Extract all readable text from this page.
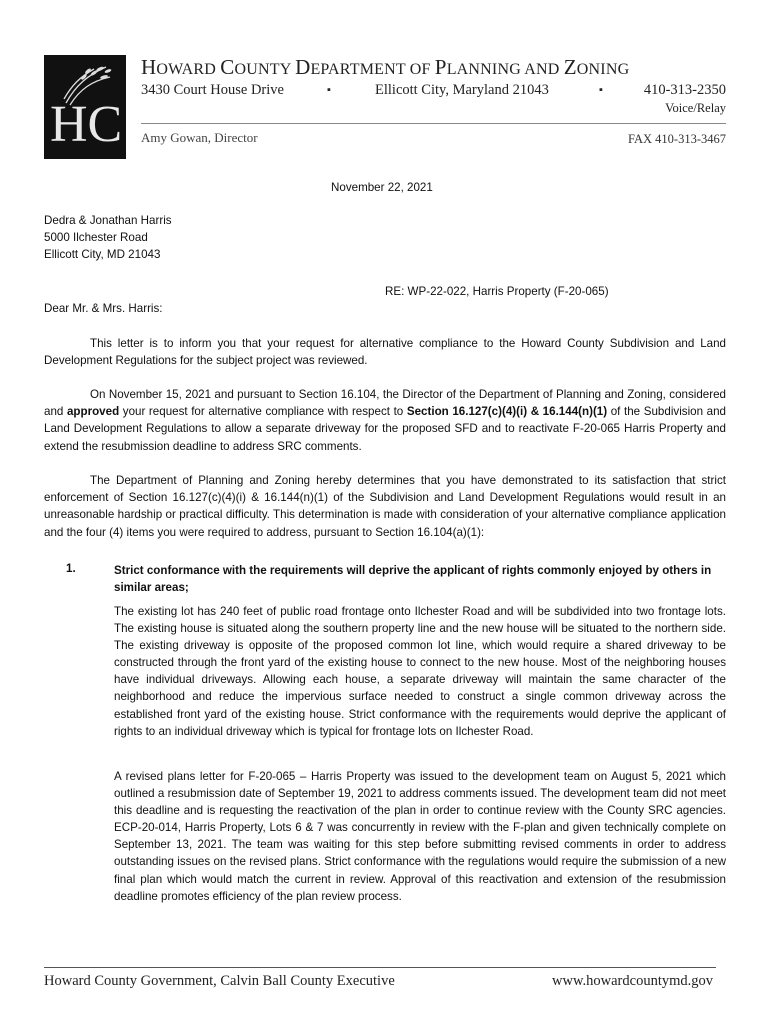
HC
HOWARD COUNTY DEPARTMENT OF PLANNING AND ZONING
3430 Court House Drive	▪	Ellicott City, Maryland 21043	▪	410-313-2350
Voice/Relay
Amy Gowan, Director	FAX 410-313-3467
November 22, 2021
Dedra & Jonathan Harris
5000 Ilchester Road
Ellicott City, MD 21043
RE: WP-22-022, Harris Property (F-20-065)
Dear Mr. & Mrs. Harris:
This letter is to inform you that your request for alternative compliance to the Howard County Subdivision and Land Development Regulations for the subject project was reviewed.
On November 15, 2021 and pursuant to Section 16.104, the Director of the Department of Planning and Zoning, considered and approved your request for alternative compliance with respect to Section 16.127(c)(4)(i) & 16.144(n)(1) of the Subdivision and Land Development Regulations to allow a separate driveway for the proposed SFD and to reactivate F-20-065 Harris Property and extend the resubmission deadline to address SRC comments.
The Department of Planning and Zoning hereby determines that you have demonstrated to its satisfaction that strict enforcement of Section 16.127(c)(4)(i) & 16.144(n)(1) of the Subdivision and Land Development Regulations would result in an unreasonable hardship or practical difficulty. This determination is made with consideration of your alternative compliance application and the four (4) items you were required to address, pursuant to Section 16.104(a)(1):
1.	Strict conformance with the requirements will deprive the applicant of rights commonly enjoyed by others in similar areas;
The existing lot has 240 feet of public road frontage onto Ilchester Road and will be subdivided into two frontage lots. The existing house is situated along the southern property line and the new house will be situated to the northern side. The existing driveway is opposite of the proposed common lot line, which would require a shared driveway to be constructed through the front yard of the existing house to connect to the new house. Most of the neighboring houses have individual driveways. Allowing each house, a separate driveway will maintain the same character of the neighborhood and reduce the impervious surface needed to construct a single common driveway across the established front yard of the existing house. Strict conformance with the requirements would deprive the applicant of rights to an individual driveway which is typical for frontage lots on Ilchester Road.
A revised plans letter for F-20-065 – Harris Property was issued to the development team on August 5, 2021 which outlined a resubmission date of September 19, 2021 to address comments issued. The development team did not meet this deadline and is requesting the reactivation of the plan in order to continue review with the County SRC agencies. ECP-20-014, Harris Property, Lots 6 & 7 was concurrently in review with the F-plan and given technically complete on September 13, 2021. The team was waiting for this step before submitting revised comments in order to address outstanding issues on the revised plans. Strict conformance with the regulations would require the submission of a new final plan which would match the current in review. Approval of this reactivation and extension of the resubmission deadline promotes efficiency of the plan review process.
Howard County Government, Calvin Ball County Executive	www.howardcountymd.gov
